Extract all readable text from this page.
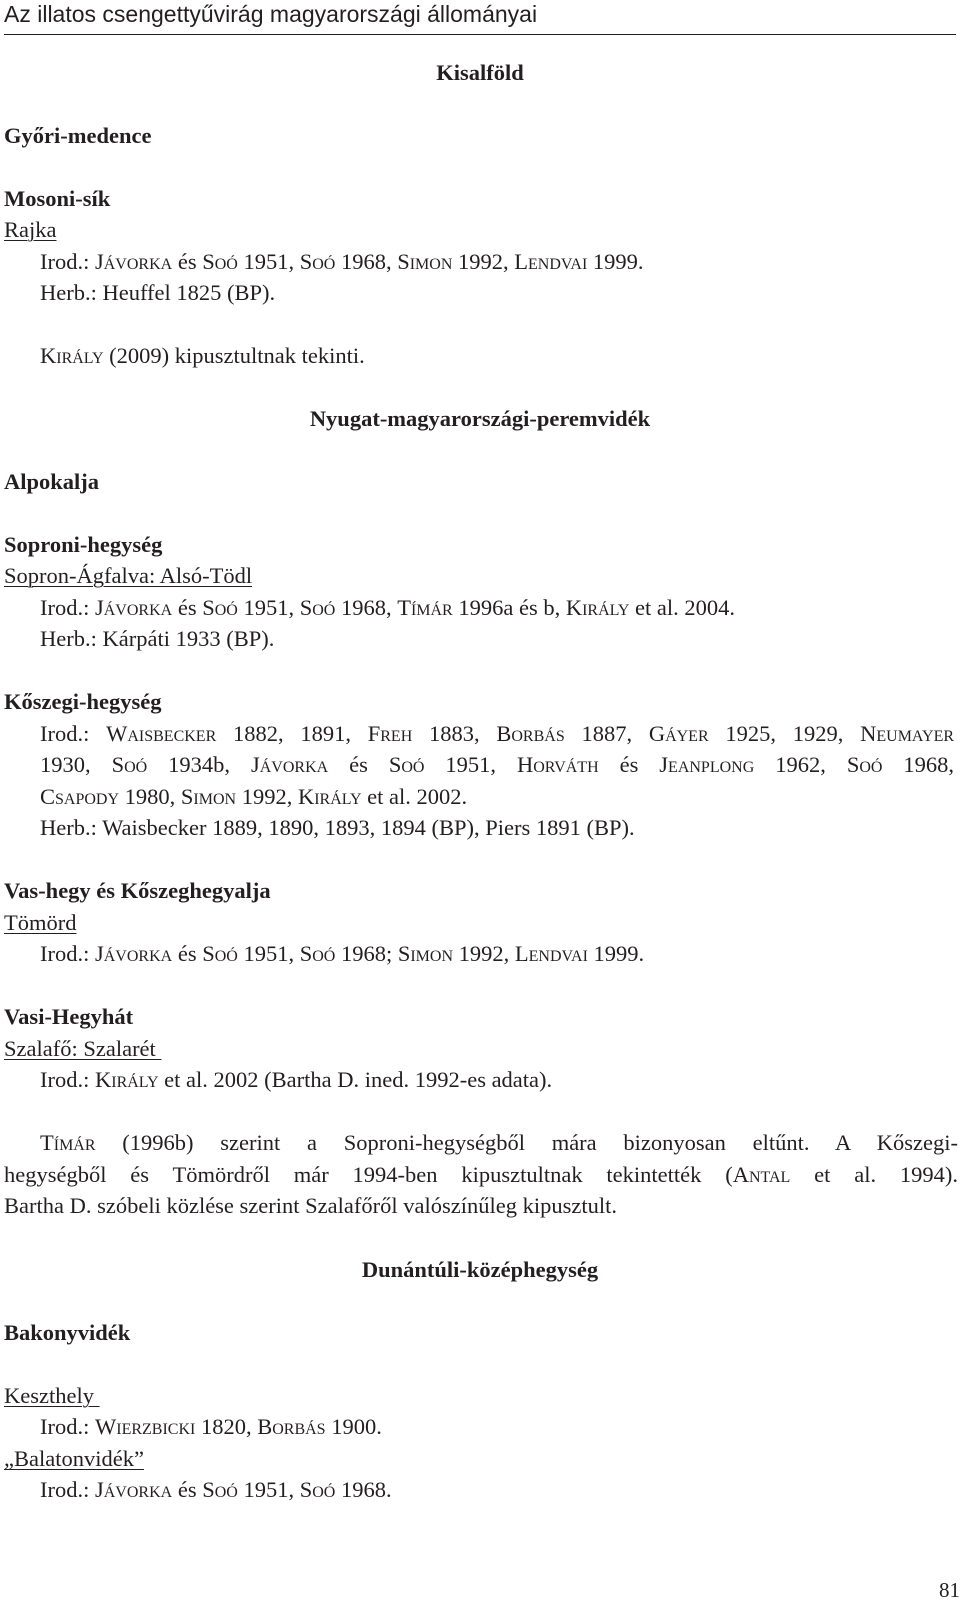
Az illatos csengettyűvirág magyarországi állományai
Kisalföld
Győri-medence
Mosoni-sík
Rajka
Irod.: Jávorka és Soó 1951, Soó 1968, Simon 1992, Lendvai 1999.
Herb.: Heuffel 1825 (BP).
Király (2009) kipusztultnak tekinti.
Nyugat-magyarországi-peremvidék
Alpokalja
Soproni-hegység
Sopron-Ágfalva: Alsó-Tödl
Irod.: Jávorka és Soó 1951, Soó 1968, Tímár 1996a és b, Király et al. 2004.
Herb.: Kárpáti 1933 (BP).
Kőszegi-hegység
Irod.: Waisbecker 1882, 1891, Freh 1883, Borbás 1887, Gáyer 1925, 1929, Neumayer
1930, Soó 1934b, Jávorka és Soó 1951, Horváth és Jeanplong 1962, Soó 1968,
Csapody 1980, Simon 1992, Király et al. 2002.
Herb.: Waisbecker 1889, 1890, 1893, 1894 (BP), Piers 1891 (BP).
Vas-hegy és Kőszeghegyalja
Tömörd
Irod.: Jávorka és Soó 1951, Soó 1968; Simon 1992, Lendvai 1999.
Vasi-Hegyhát
Szalafő: Szalarét
Irod.: Király et al. 2002 (Bartha D. ined. 1992-es adata).
Tímár (1996b) szerint a Soproni-hegységből mára bizonyosan eltűnt. A Kőszegi-
hegységből és Tömördről már 1994-ben kipusztultnak tekintették (Antal et al. 1994).
Bartha D. szóbeli közlése szerint Szalafőről valószínűleg kipusztult.
Dunántúli-középhegység
Bakonyvidék
Keszthely
Irod.: Wierzbicki 1820, Borbás 1900.
„Balatonvidék”
Irod.: Jávorka és Soó 1951, Soó 1968.
81
